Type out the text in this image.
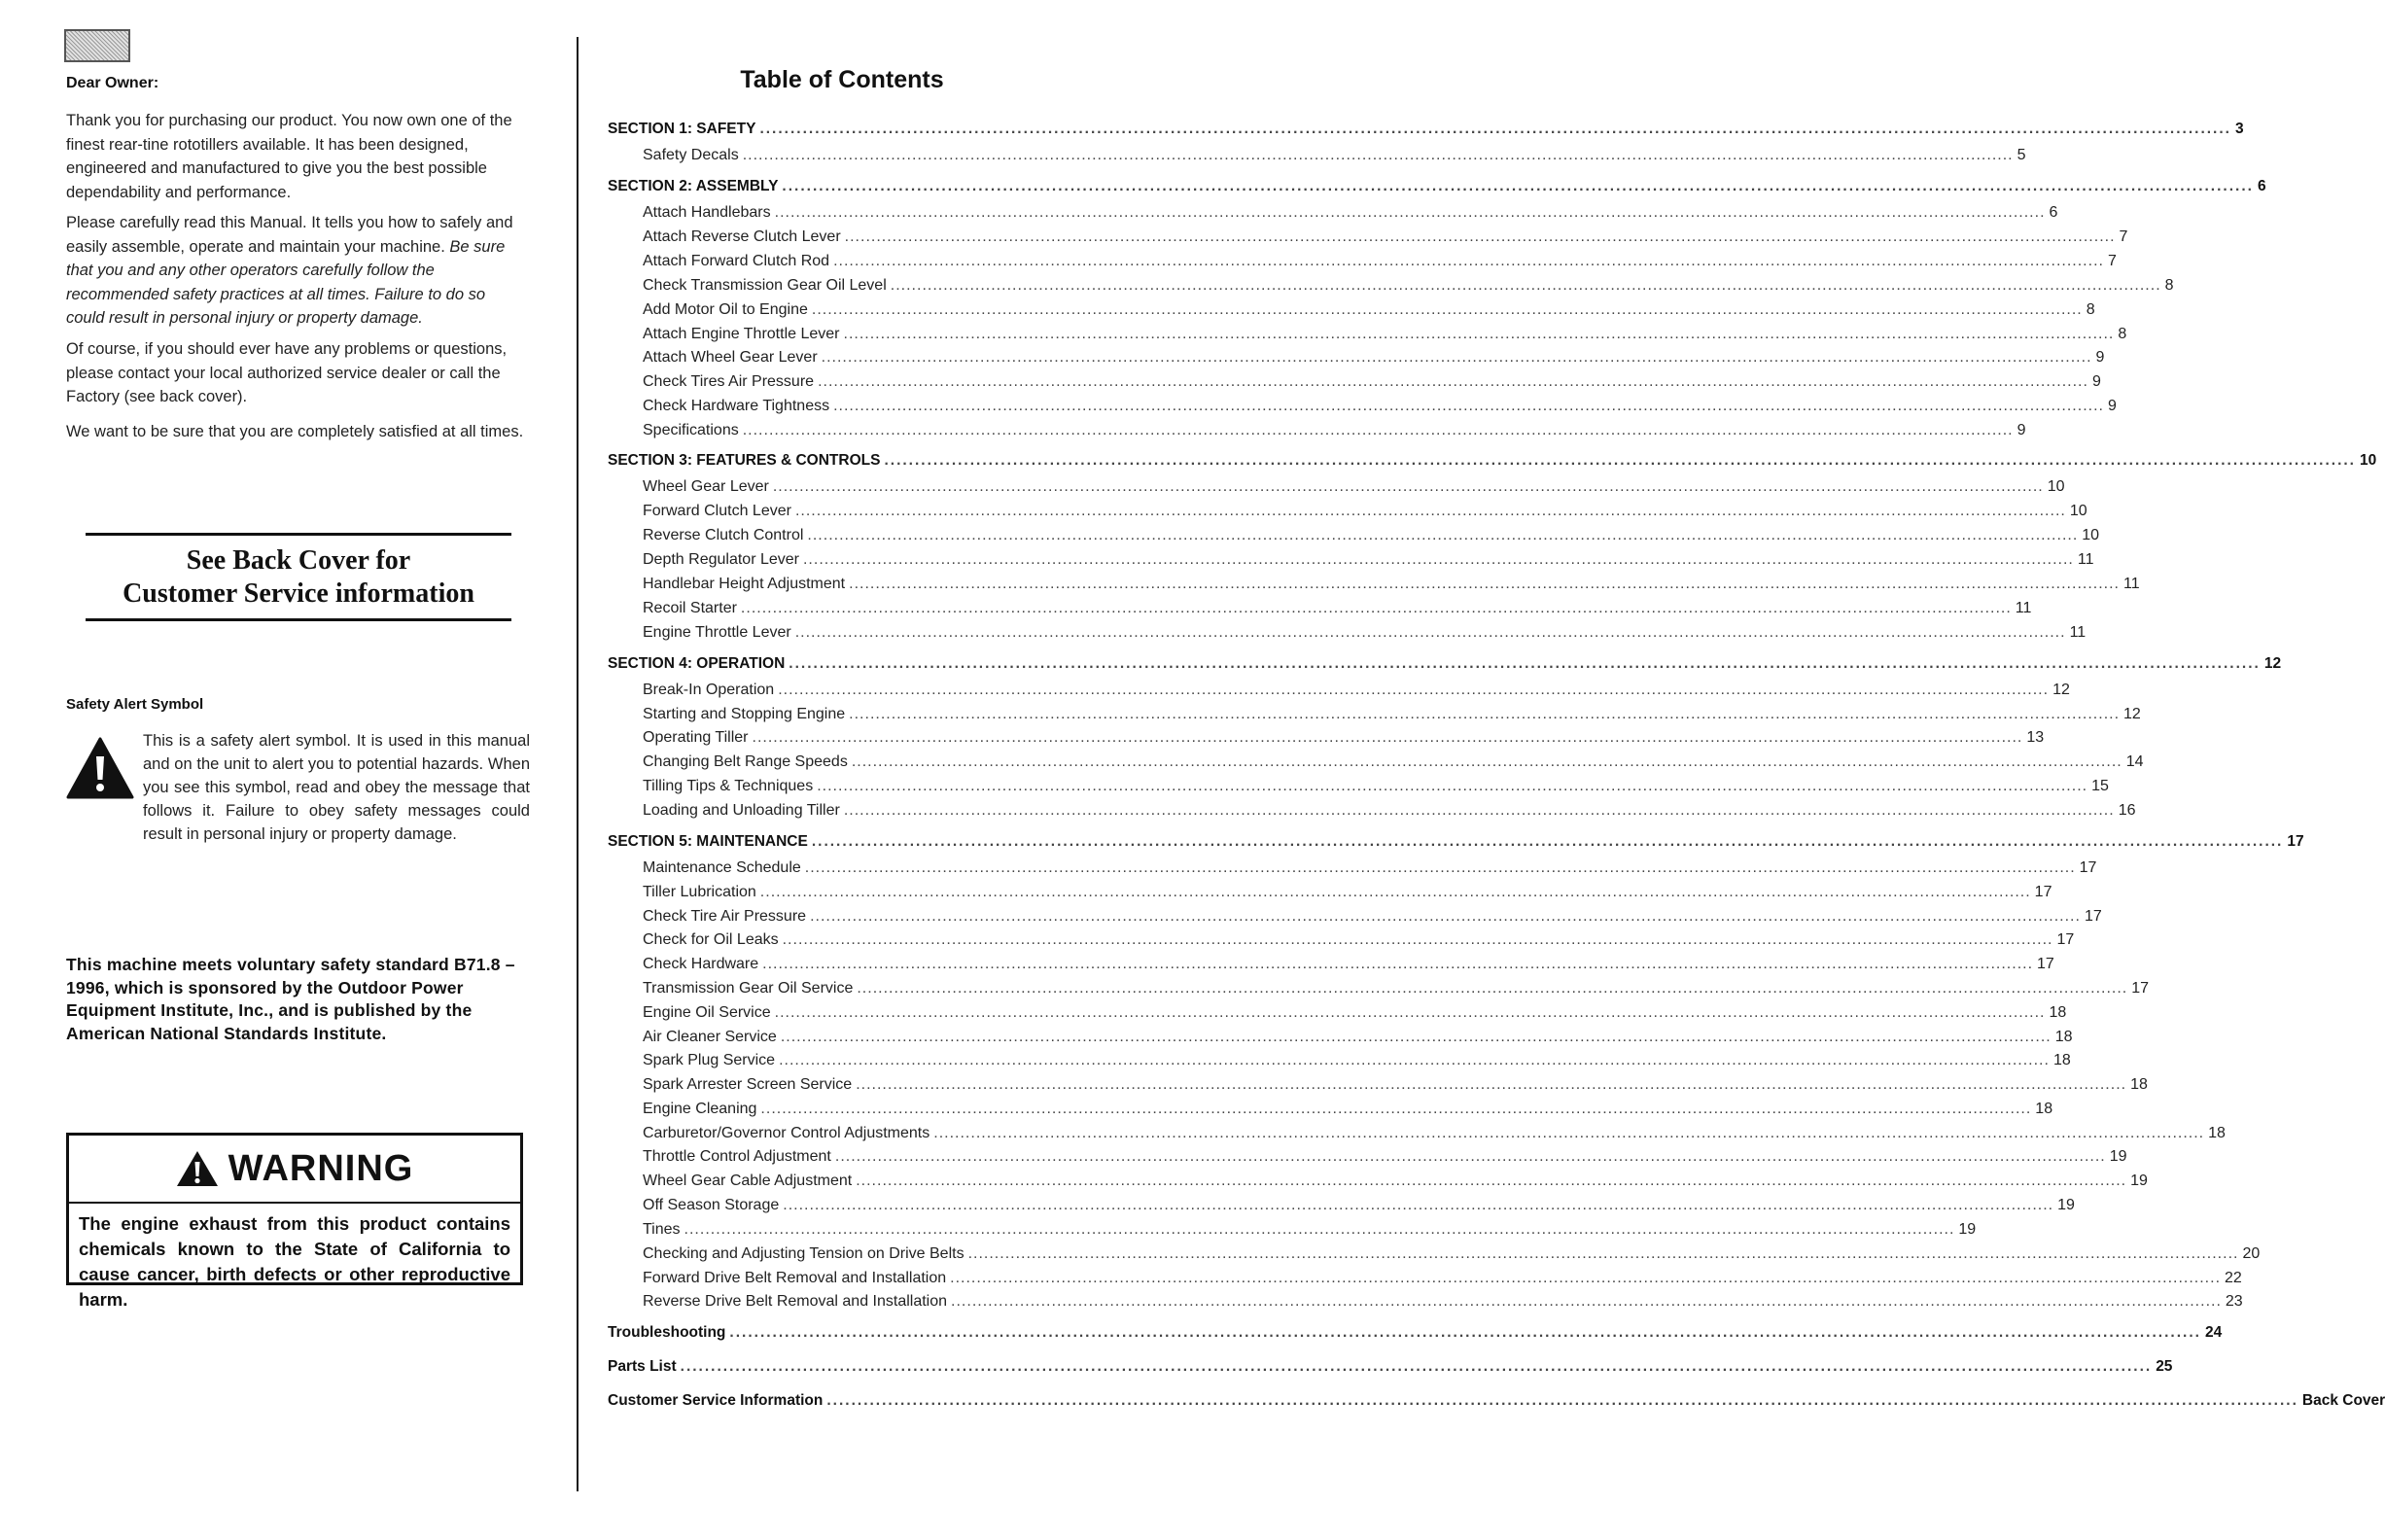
Dear Owner:

Thank you for purchasing our product. You now own one of the finest rear-tine rototillers available. It has been designed, engineered and manufactured to give you the best possible dependability and performance.

Please carefully read this Manual. It tells you how to safely and easily assemble, operate and maintain your machine. Be sure that you and any other operators carefully follow the recommended safety practices at all times. Failure to do so could result in personal injury or property damage.

Of course, if you should ever have any problems or questions, please contact your local authorized service dealer or call the Factory (see back cover).

We want to be sure that you are completely satisfied at all times.

See Back Cover for
Customer Service information
Safety Alert Symbol

This is a safety alert symbol. It is used in this manual and on the unit to alert you to potential hazards. When you see this symbol, read and obey the message that follows it. Failure to obey safety messages could result in personal injury or property damage.

This machine meets voluntary safety standard B71.8 – 1996, which is sponsored by the Outdoor Power Equipment Institute, Inc., and is published by the American National Standards Institute.

WARNING

The engine exhaust from this product contains chemicals known to the State of California to cause cancer, birth defects or other reproductive harm.

Table of Contents
SECTION 1: SAFETY ................................................................................................................................................................................................................................................ 3
Safety Decals ................................................................................................................................................................................................................................................ 5
SECTION 2: ASSEMBLY ................................................................................................................................................................................................................................................ 6
Attach Handlebars ................................................................................................................................................................................................................................................ 6
Attach Reverse Clutch Lever ................................................................................................................................................................................................................................................ 7
Attach Forward Clutch Rod ................................................................................................................................................................................................................................................ 7
Check Transmission Gear Oil Level ................................................................................................................................................................................................................................................ 8
Add Motor Oil to Engine ................................................................................................................................................................................................................................................ 8
Attach Engine Throttle Lever ................................................................................................................................................................................................................................................ 8
Attach Wheel Gear Lever ................................................................................................................................................................................................................................................ 9
Check Tires Air Pressure ................................................................................................................................................................................................................................................ 9
Check Hardware Tightness ................................................................................................................................................................................................................................................ 9
Specifications ................................................................................................................................................................................................................................................ 9
SECTION 3: FEATURES & CONTROLS ................................................................................................................................................................................................................................................ 10
Wheel Gear Lever ................................................................................................................................................................................................................................................ 10
Forward Clutch Lever ................................................................................................................................................................................................................................................ 10
Reverse Clutch Control ................................................................................................................................................................................................................................................ 10
Depth Regulator Lever ................................................................................................................................................................................................................................................ 11
Handlebar Height Adjustment ................................................................................................................................................................................................................................................ 11
Recoil Starter ................................................................................................................................................................................................................................................ 11
Engine Throttle Lever ................................................................................................................................................................................................................................................ 11
SECTION 4: OPERATION ................................................................................................................................................................................................................................................ 12
Break-In Operation ................................................................................................................................................................................................................................................ 12
Starting and Stopping Engine ................................................................................................................................................................................................................................................ 12
Operating Tiller ................................................................................................................................................................................................................................................ 13
Changing Belt Range Speeds ................................................................................................................................................................................................................................................ 14
Tilling Tips & Techniques ................................................................................................................................................................................................................................................ 15
Loading and Unloading Tiller ................................................................................................................................................................................................................................................ 16
SECTION 5: MAINTENANCE ................................................................................................................................................................................................................................................ 17
Maintenance Schedule ................................................................................................................................................................................................................................................ 17
Tiller Lubrication ................................................................................................................................................................................................................................................ 17
Check Tire Air Pressure ................................................................................................................................................................................................................................................ 17
Check for Oil Leaks ................................................................................................................................................................................................................................................ 17
Check Hardware ................................................................................................................................................................................................................................................ 17
Transmission Gear Oil Service ................................................................................................................................................................................................................................................ 17
Engine Oil Service ................................................................................................................................................................................................................................................ 18
Air Cleaner Service ................................................................................................................................................................................................................................................ 18
Spark Plug Service ................................................................................................................................................................................................................................................ 18
Spark Arrester Screen Service ................................................................................................................................................................................................................................................ 18
Engine Cleaning ................................................................................................................................................................................................................................................ 18
Carburetor/Governor Control Adjustments ................................................................................................................................................................................................................................................ 18
Throttle Control Adjustment ................................................................................................................................................................................................................................................ 19
Wheel Gear Cable Adjustment ................................................................................................................................................................................................................................................ 19
Off Season Storage ................................................................................................................................................................................................................................................ 19
Tines ................................................................................................................................................................................................................................................ 19
Checking and Adjusting Tension on Drive Belts ................................................................................................................................................................................................................................................ 20
Forward Drive Belt Removal and Installation ................................................................................................................................................................................................................................................ 22
Reverse Drive Belt Removal and Installation ................................................................................................................................................................................................................................................ 23
Troubleshooting ................................................................................................................................................................................................................................................ 24
Parts List ................................................................................................................................................................................................................................................ 25
Customer Service Information ................................................................................................................................................................................................................................................ Back Cover
